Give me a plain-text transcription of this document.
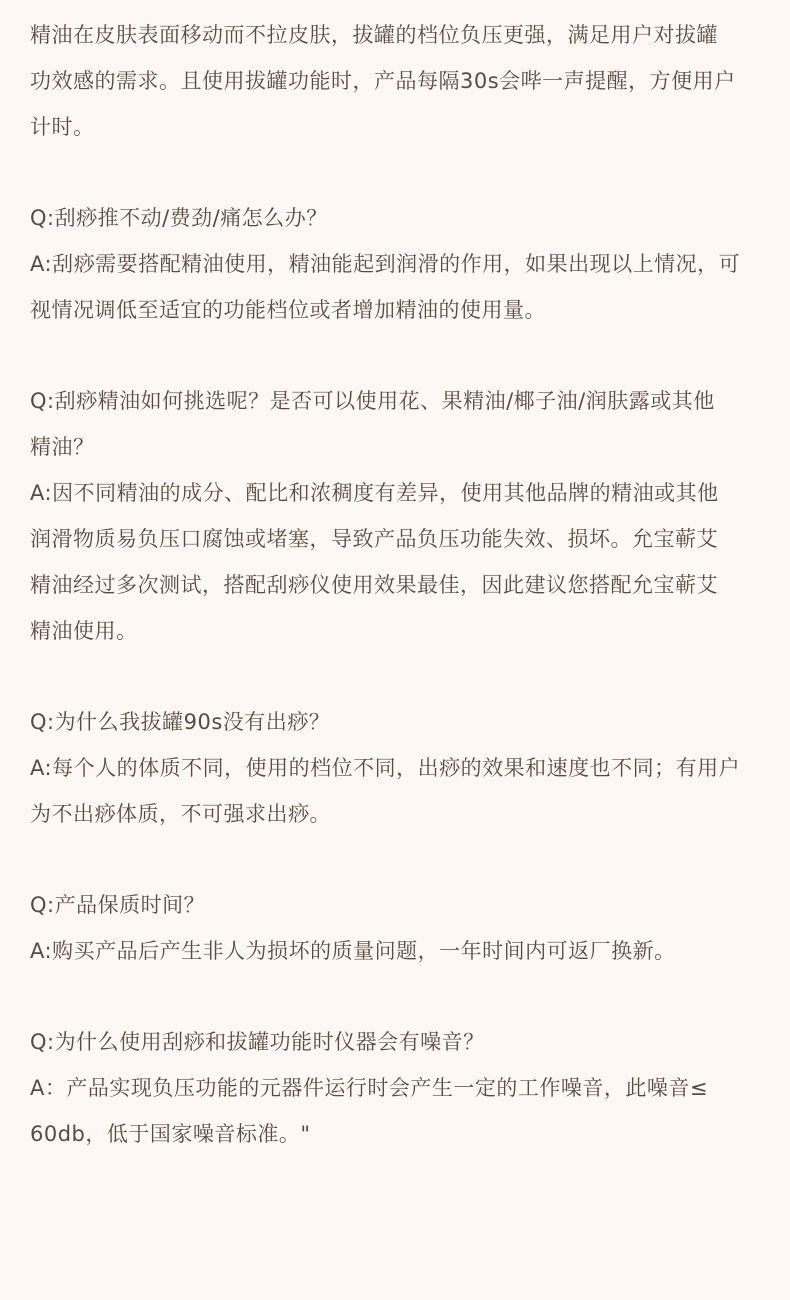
精油在皮肤表面移动而不拉皮肤，拔罐的档位负压更强，满足用户对拔罐
功效感的需求。且使用拔罐功能时，产品每隔30s会哔一声提醒，方便用户
计时。
Q:刮痧推不动/费劲/痛怎么办？
A:刮痧需要搭配精油使用，精油能起到润滑的作用，如果出现以上情况，可
视情况调低至适宜的功能档位或者增加精油的使用量。
Q:刮痧精油如何挑选呢？是否可以使用花、果精油/椰子油/润肤露或其他
精油？
A:因不同精油的成分、配比和浓稠度有差异，使用其他品牌的精油或其他
润滑物质易负压口腐蚀或堵塞，导致产品负压功能失效、损坏。允宝蕲艾
精油经过多次测试，搭配刮痧仪使用效果最佳，因此建议您搭配允宝蕲艾
精油使用。
Q:为什么我拔罐90s没有出痧？
A:每个人的体质不同，使用的档位不同，出痧的效果和速度也不同；有用户
为不出痧体质，不可强求出痧。
Q:产品保质时间？
A:购买产品后产生非人为损坏的质量问题，一年时间内可返厂换新。
Q:为什么使用刮痧和拔罐功能时仪器会有噪音？
A：产品实现负压功能的元器件运行时会产生一定的工作噪音，此噪音≤
60db，低于国家噪音标准。"
